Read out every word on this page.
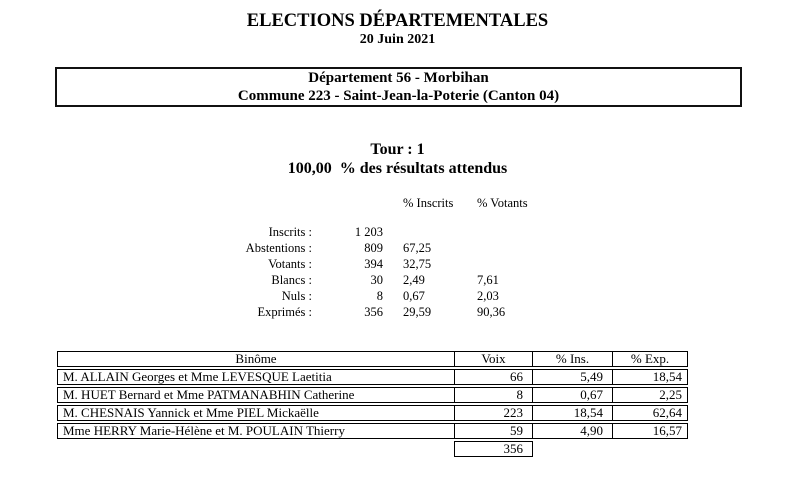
ELECTIONS DÉPARTEMENTALES
20 Juin 2021
Département 56 - Morbihan
Commune 223 - Saint-Jean-la-Poterie (Canton 04)
Tour : 1
100,00  % des résultats attendus
% Inscrits % Votants
Inscrits :	1 203
Abstentions :	809 67,25
Votants :	394 32,75
Blancs :	30 2,49	7,61
Nuls :	8 0,67	2,03
Exprimés :	356 29,59	90,36
Binôme	Voix	% Ins.	% Exp.
M. ALLAIN Georges et Mme LEVESQUE Laetitia	66	5,49	18,54
M. HUET Bernard et Mme PATMANABHIN Catherine	8	0,67	2,25
M. CHESNAIS Yannick et Mme PIEL Mickaëlle	223	18,54	62,64
Mme HERRY Marie-Hélène et M. POULAIN Thierry	59	4,90	16,57
356
